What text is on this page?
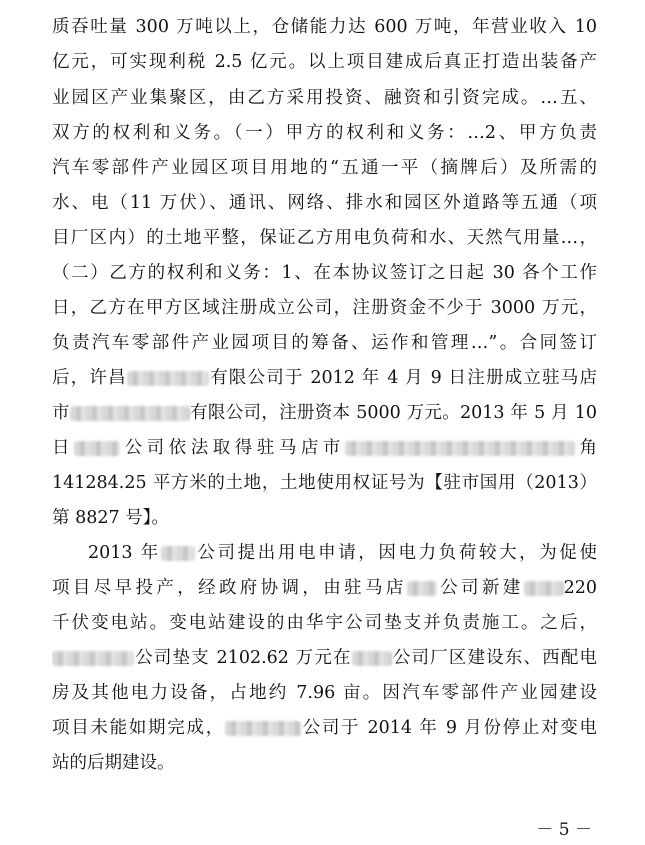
质吞吐量 300 万吨以上，仓储能力达 600 万吨，年营业收入 10
亿元，可实现利税 2.5 亿元。以上项目建成后真正打造出装备产
业园区产业集聚区，由乙方采用投资、融资和引资完成。…五、
双方的权利和义务。（一）甲方的权利和义务：…2、甲方负责
汽车零部件产业园区项目用地的“五通一平（摘牌后）及所需的
水、电（11 万伏）、通讯、网络、排水和园区外道路等五通（项
目厂区内）的土地平整，保证乙方用电负荷和水、天然气用量…，
（二）乙方的权利和义务：1、在本协议签订之日起 30 各个工作
日，乙方在甲方区域注册成立公司，注册资金不少于 3000 万元，
负责汽车零部件产业园项目的筹备、运作和管理…”。合同签订
后，许昌	有限公司于 2012 年 4 月 9 日注册成立驻马店
市	有限公司，注册资本 5000 万元。2013 年 5 月 10
日	公司依法取得驻马店市	角
141284.25 平方米的土地，土地使用权证号为【驻市国用（2013）
第 8827 号】。
2013 年 公司提出用电申请，因电力负荷较大，为促使
项目尽早投产，经政府协调，由驻马店 公司新建 220
千伏变电站。变电站建设的由华宇公司垫支并负责施工。之后，
公司垫支 2102.62 万元在 公司厂区建设东、西配电
房及其他电力设备，占地约 7.96 亩。因汽车零部件产业园建设
项目未能如期完成，	公司于 2014 年 9 月份停止对变电
站的后期建设。
－ 5 －
